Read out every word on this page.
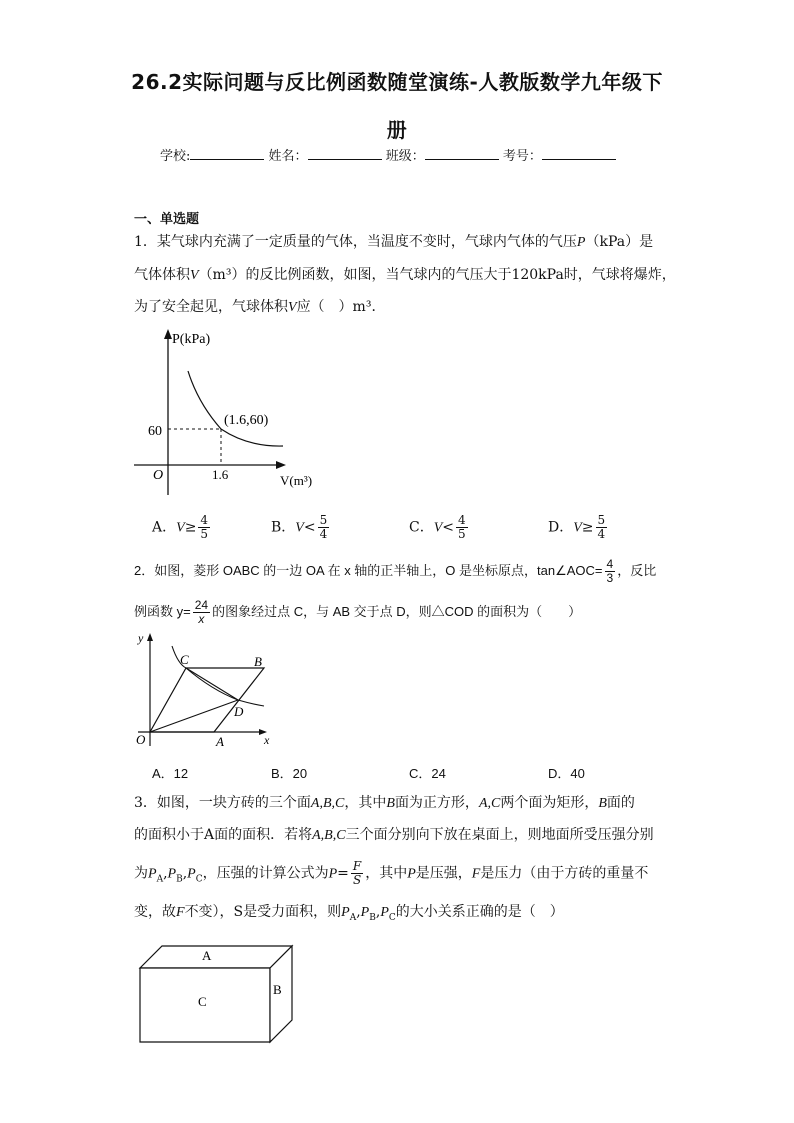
26.2实际问题与反比例函数随堂演练-人教版数学九年级下
册
学校:	姓名：	班级：	考号：
一、单选题
1．某气球内充满了一定质量的气体，当温度不变时，气球内气体的气压P（kPa）是
气体体积V（m³）的反比例函数，如图，当气球内的气压大于120kPa时，气球将爆炸，
为了安全起见，气球体积V应（　）m³．
P(kPa)
V(m³)
O
60
1.6
(1.6,60)
A．$V\ge \frac{4}{5}$	B．$V< \frac{5}{4}$	C．$V< \frac{4}{5}$	D．$V\ge \frac{5}{4}$
2．如图，菱形 OABC 的一边 OA 在 x 轴的正半轴上，O 是坐标原点，tan∠AOC= $\frac{4}{3}$ ，反比
例函数 $y= \frac{24}{x}$ 的图象经过点 C，与 AB 交于点 D，则△COD 的面积为（　　）
y
x
O	A
B
C
D
A．12	B．20	C．24	D．40
3．如图，一块方砖的三个面A,B,C，其中B面为正方形，A,C两个面为矩形，B面的
的面积小于A面的面积．若将A,B,C三个面分别向下放在桌面上，则地面所受压强分别
为$P_A,P_B,P_C$，压强的计算公式为$P= \frac{F}{S}$ ，其中P是压强，F是压力（由于方砖的重量不
变，故F不变），S是受力面积，则$P_A,P_B,P_C$的大小关系正确的是（　）
A
C
B
